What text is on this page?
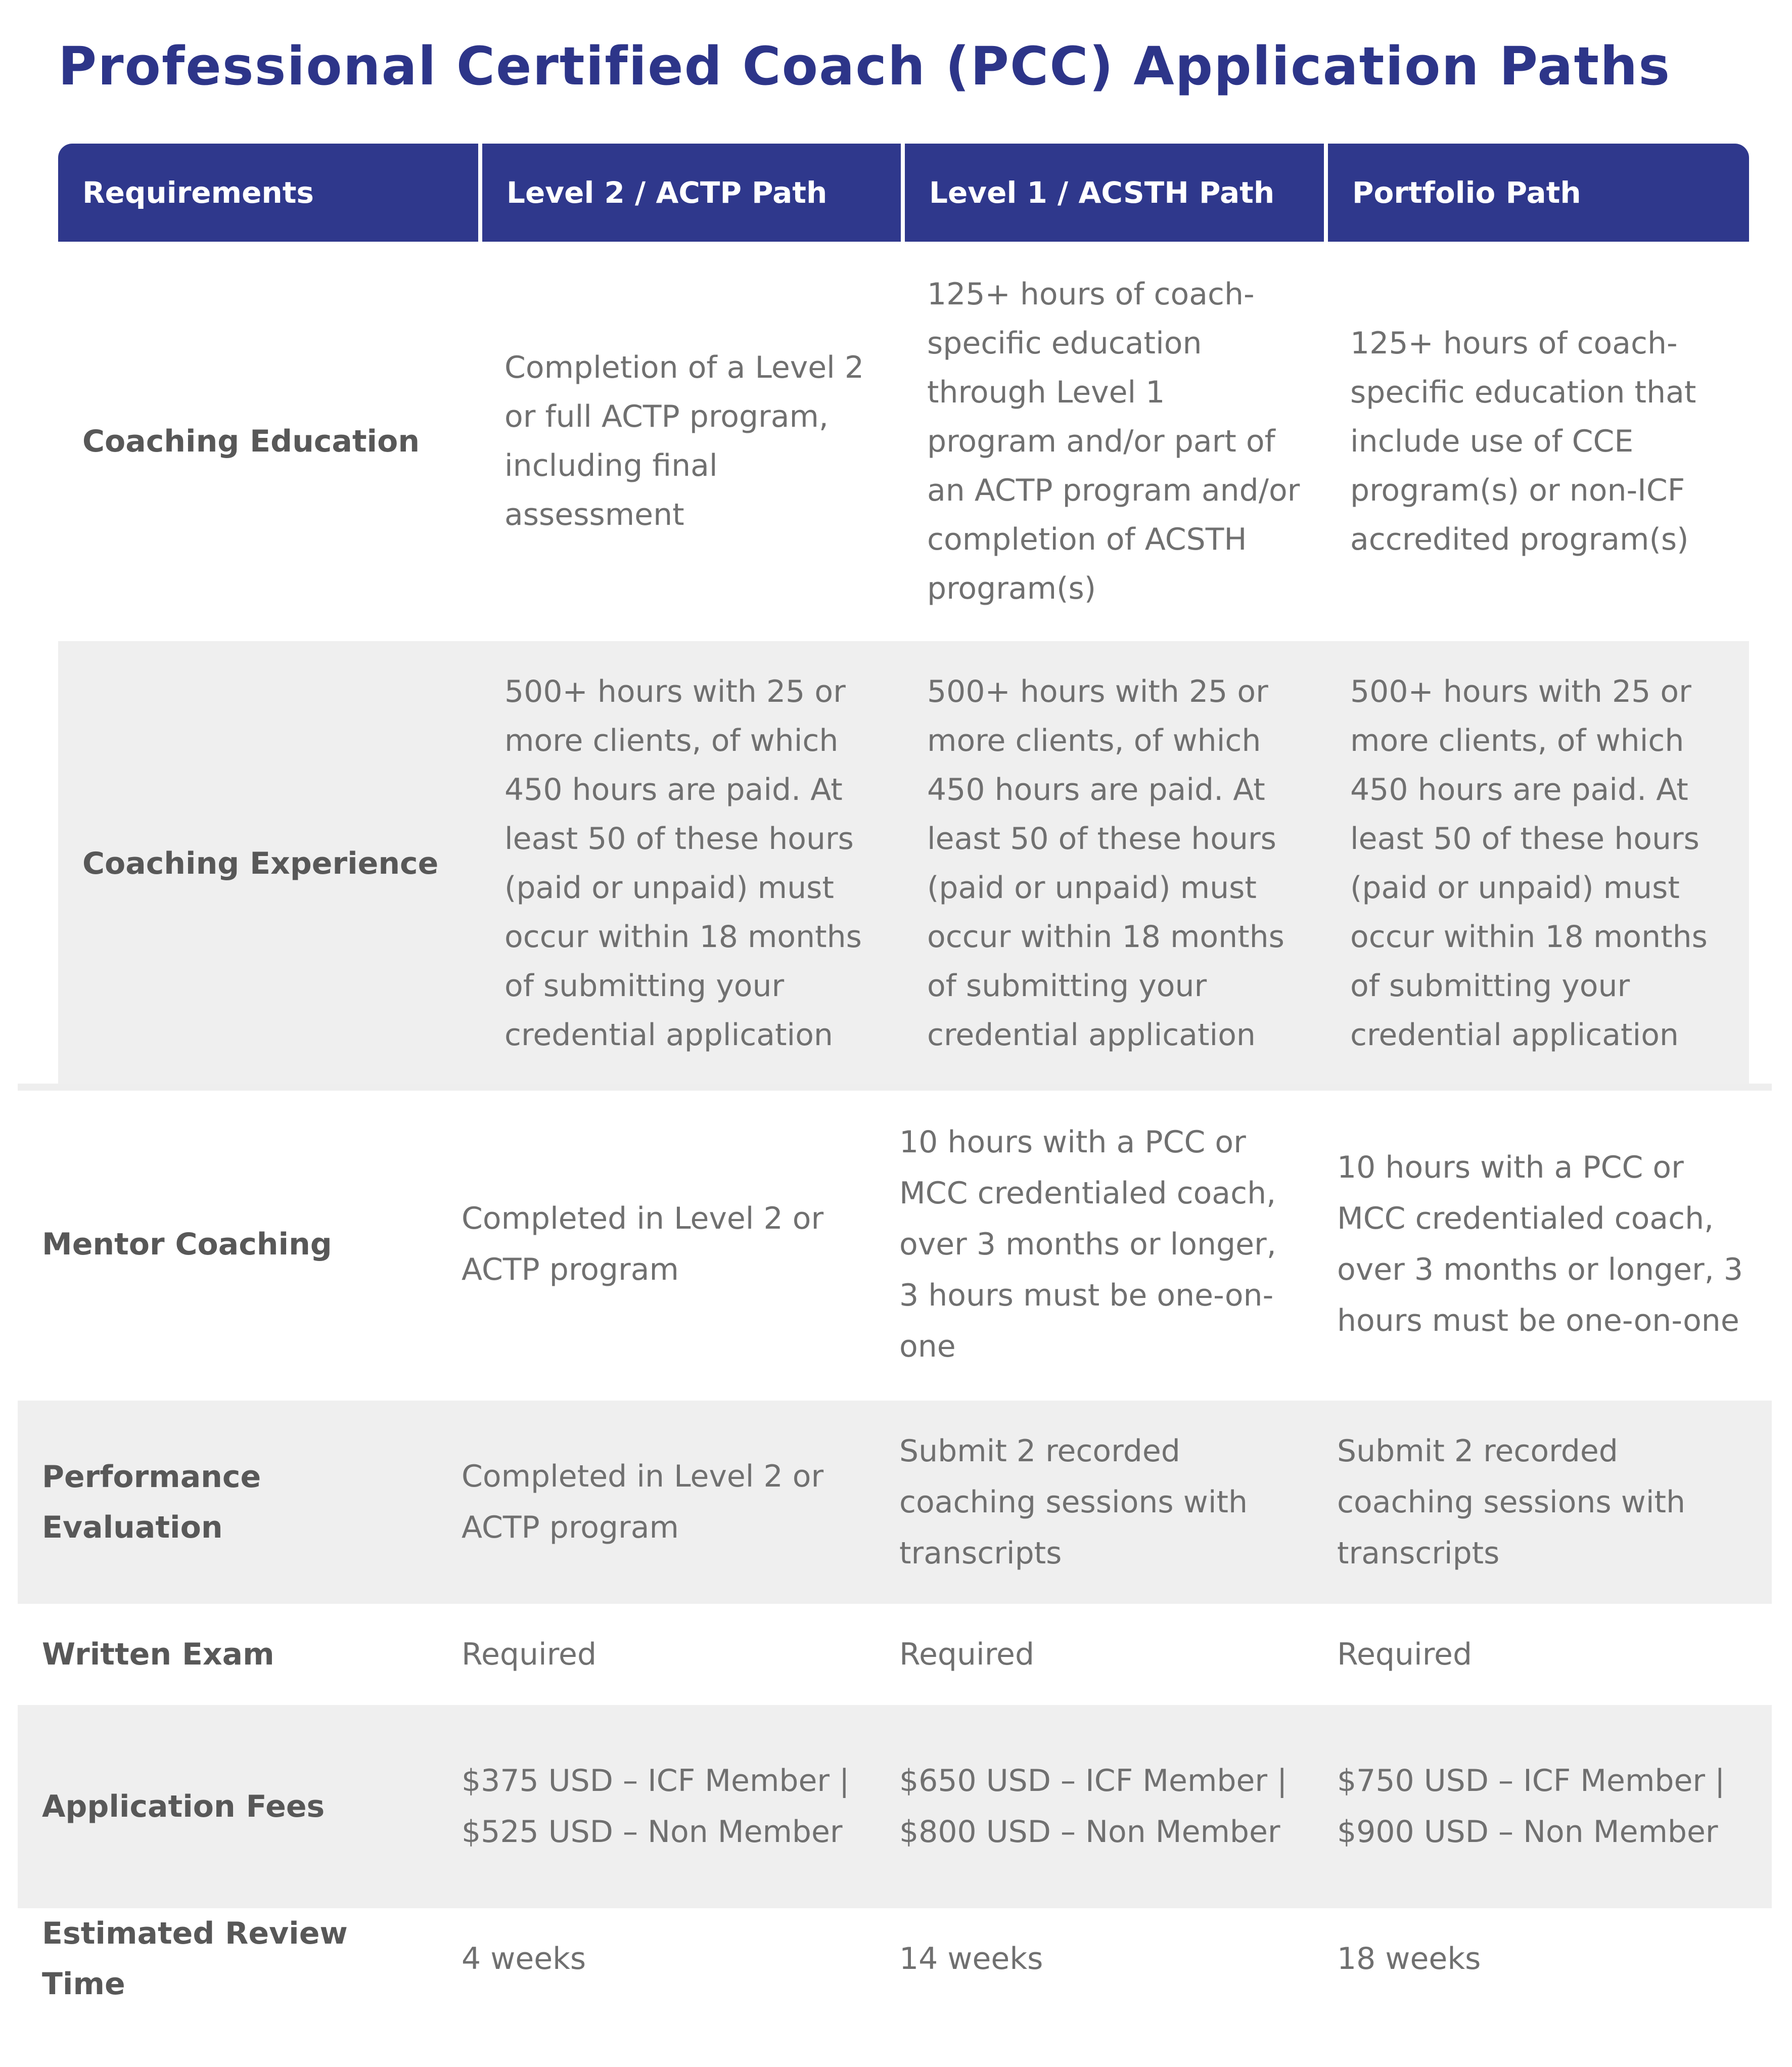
Professional Certified Coach (PCC) Application Paths
Requirements	Level 2 / ACTP Path	Level 1 / ACSTH Path	Portfolio Path
Coaching Education	Completion of a Level 2 or full ACTP program, including final assessment	125+ hours of coach-specific education through Level 1 program and/or part of an ACTP program and/or completion of ACSTH program(s)	125+ hours of coach-specific education that include use of CCE program(s) or non-ICF accredited program(s)
Coaching Experience	500+ hours with 25 or more clients, of which 450 hours are paid. At least 50 of these hours (paid or unpaid) must occur within 18 months of submitting your credential application	500+ hours with 25 or more clients, of which 450 hours are paid. At least 50 of these hours (paid or unpaid) must occur within 18 months of submitting your credential application	500+ hours with 25 or more clients, of which 450 hours are paid. At least 50 of these hours (paid or unpaid) must occur within 18 months of submitting your credential application
Mentor Coaching	Completed in Level 2 or ACTP program	10 hours with a PCC or MCC credentialed coach, over 3 months or longer, 3 hours must be one-on-one	10 hours with a PCC or MCC credentialed coach, over 3 months or longer, 3 hours must be one-on-one
Performance Evaluation	Completed in Level 2 or ACTP program	Submit 2 recorded coaching sessions with transcripts	Submit 2 recorded coaching sessions with transcripts
Written Exam	Required	Required	Required
Application Fees	$375 USD – ICF Member | $525 USD – Non Member	$650 USD – ICF Member | $800 USD – Non Member	$750 USD – ICF Member | $900 USD – Non Member
Estimated Review Time	4 weeks	14 weeks	18 weeks
